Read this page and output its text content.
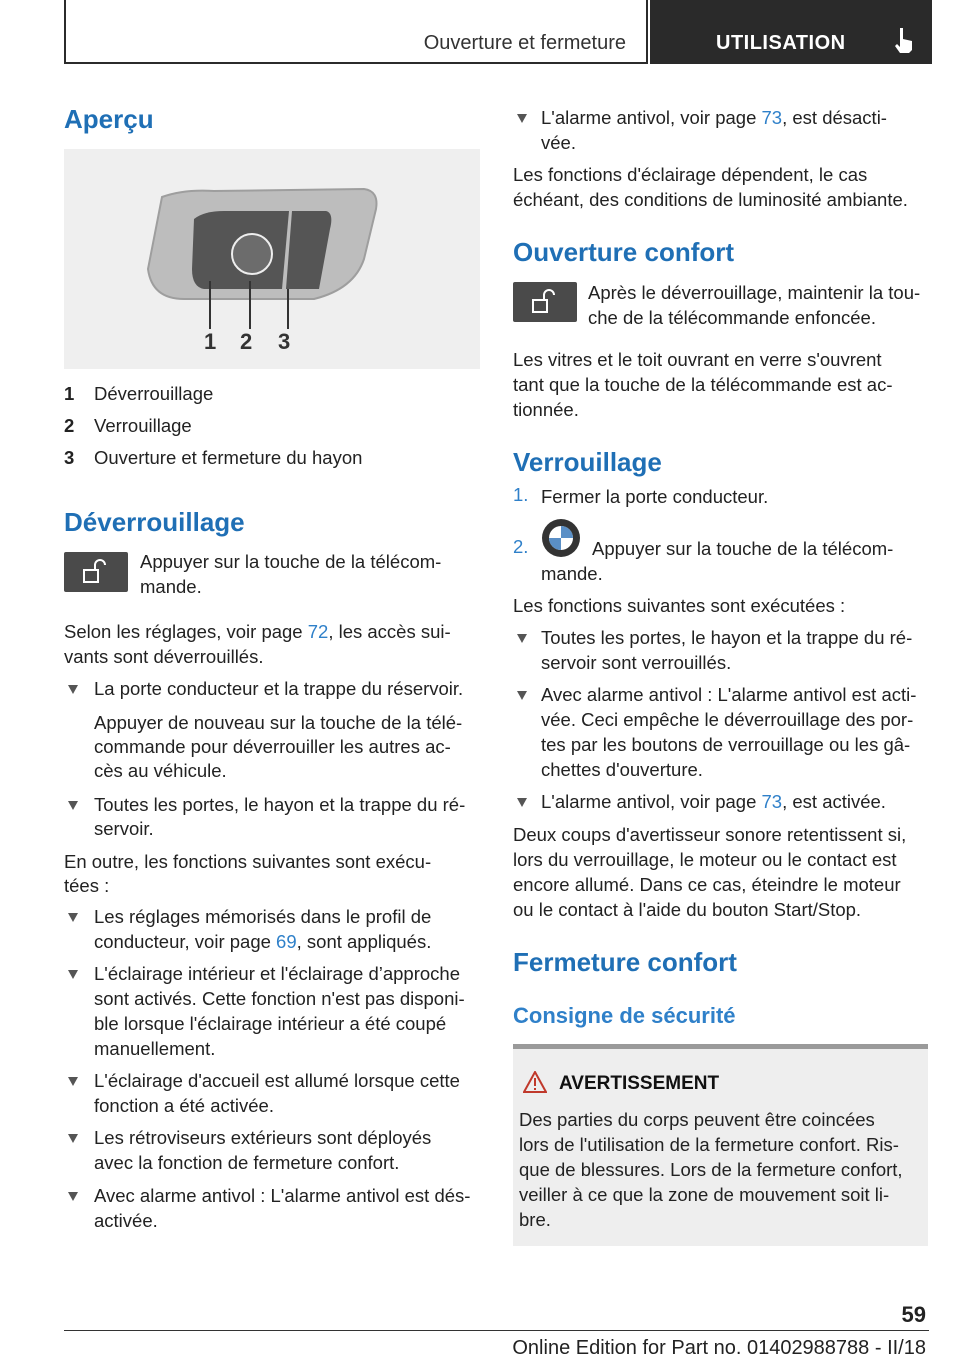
Ouverture et fermeture	UTILISATION
Aperçu
1 2 3
1 Déverrouillage
2 Verrouillage
3 Ouverture et fermeture du hayon
Déverrouillage
Appuyer sur la touche de la télécom-
mande.
Selon les réglages, voir page 72, les accès sui-
vants sont déverrouillés.
La porte conducteur et la trappe du réservoir.
Appuyer de nouveau sur la touche de la télé-
commande pour déverrouiller les autres ac-
cès au véhicule.
Toutes les portes, le hayon et la trappe du ré-
servoir.
En outre, les fonctions suivantes sont exécu-
tées :
Les réglages mémorisés dans le profil de
conducteur, voir page 69, sont appliqués.
L'éclairage intérieur et l'éclairage d’approche
sont activés. Cette fonction n'est pas disponi-
ble lorsque l'éclairage intérieur a été coupé
manuellement.
L'éclairage d'accueil est allumé lorsque cette
fonction a été activée.
Les rétroviseurs extérieurs sont déployés
avec la fonction de fermeture confort.
Avec alarme antivol : L'alarme antivol est dés-
activée.
L'alarme antivol, voir page 73, est désacti-
vée.
Les fonctions d'éclairage dépendent, le cas
échéant, des conditions de luminosité ambiante.
Ouverture confort
Après le déverrouillage, maintenir la tou-
che de la télécommande enfoncée.
Les vitres et le toit ouvrant en verre s'ouvrent
tant que la touche de la télécommande est ac-
tionnée.
Verrouillage
1. Fermer la porte conducteur.
2.	Appuyer sur la touche de la télécom-
mande.
Les fonctions suivantes sont exécutées :
Toutes les portes, le hayon et la trappe du ré-
servoir sont verrouillés.
Avec alarme antivol : L'alarme antivol est acti-
vée. Ceci empêche le déverrouillage des por-
tes par les boutons de verrouillage ou les gâ-
chettes d'ouverture.
L'alarme antivol, voir page 73, est activée.
Deux coups d'avertisseur sonore retentissent si,
lors du verrouillage, le moteur ou le contact est
encore allumé. Dans ce cas, éteindre le moteur
ou le contact à l'aide du bouton Start/Stop.
Fermeture confort
Consigne de sécurité
AVERTISSEMENT
Des parties du corps peuvent être coincées
lors de l'utilisation de la fermeture confort. Ris-
que de blessures. Lors de la fermeture confort,
veiller à ce que la zone de mouvement soit li-
bre.
59
Online Edition for Part no. 01402988788 - II/18
